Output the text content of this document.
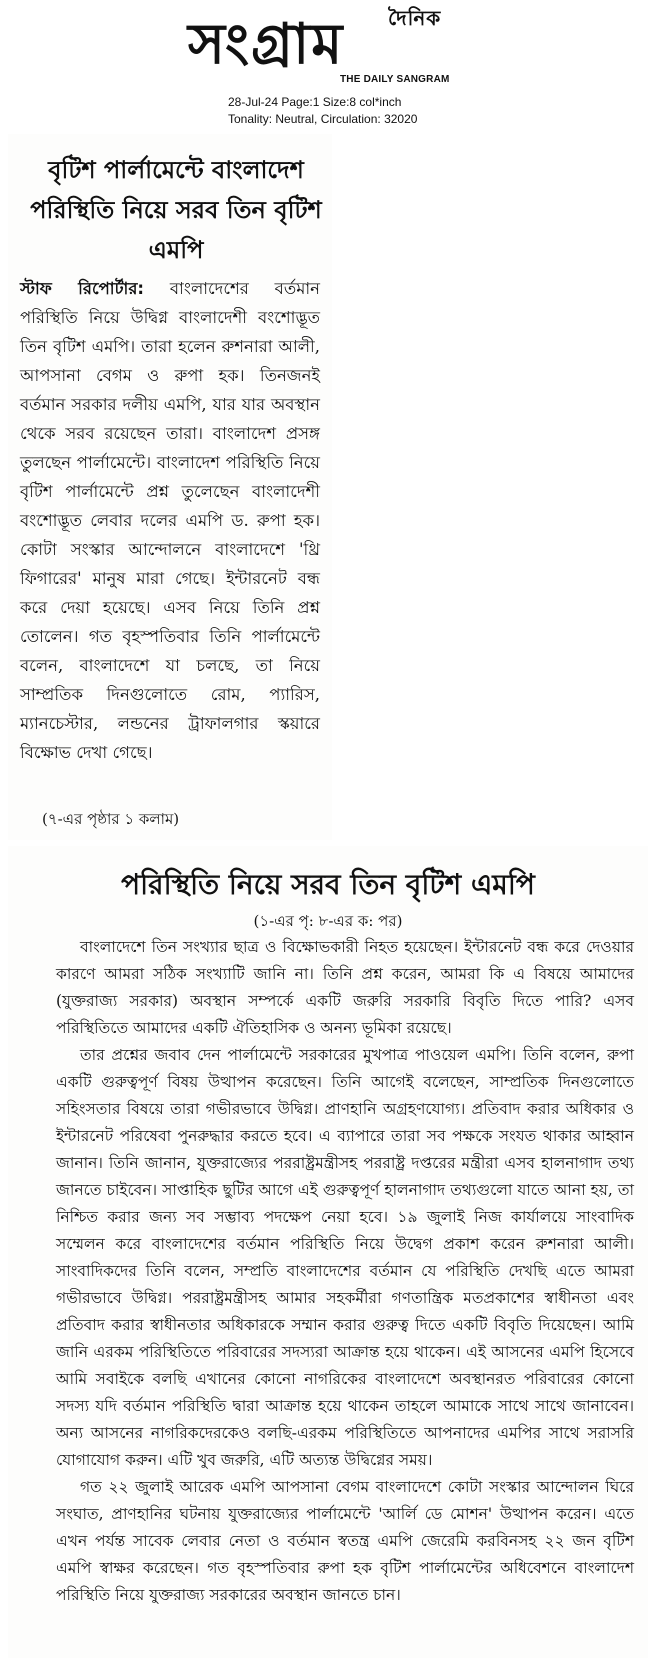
দৈনিক
সংগ্রাম
THE DAILY SANGRAM
28-Jul-24 Page:1 Size:8 col*inch
Tonality: Neutral, Circulation: 32020
বৃটিশ পার্লামেন্টে বাংলাদেশ পরিস্থিতি নিয়ে সরব তিন বৃটিশ এমপি
স্টাফ রিপোর্টার: বাংলাদেশের বর্তমান পরিস্থিতি নিয়ে উদ্বিগ্ন বাংলাদেশী বংশোদ্ভূত তিন বৃটিশ এমপি। তারা হলেন রুশনারা আলী, আপসানা বেগম ও রুপা হক। তিনজনই বর্তমান সরকার দলীয় এমপি, যার যার অবস্থান থেকে সরব রয়েছেন তারা। বাংলাদেশ প্রসঙ্গ তুলছেন পার্লামেন্টে। বাংলাদেশ পরিস্থিতি নিয়ে বৃটিশ পার্লামেন্টে প্রশ্ন তুলেছেন বাংলাদেশী বংশোদ্ভূত লেবার দলের এমপি ড. রুপা হক। কোটা সংস্কার আন্দোলনে বাংলাদেশে 'থ্রি ফিগারের' মানুষ মারা গেছে। ইন্টারনেট বন্ধ করে দেয়া হয়েছে। এসব নিয়ে তিনি প্রশ্ন তোলেন। গত বৃহস্পতিবার তিনি পার্লামেন্টে বলেন, বাংলাদেশে যা চলছে, তা নিয়ে সাম্প্রতিক দিনগুলোতে রোম, প্যারিস, ম্যানচেস্টার, লন্ডনের ট্রাফালগার স্কয়ারে বিক্ষোভ দেখা গেছে।
(৭-এর পৃষ্ঠার ১ কলাম)
পরিস্থিতি নিয়ে সরব তিন বৃটিশ এমপি
(১-এর পৃ: ৮-এর ক: পর)

বাংলাদেশে তিন সংখ্যার ছাত্র ও বিক্ষোভকারী নিহত হয়েছেন। ইন্টারনেট বন্ধ করে দেওয়ার কারণে আমরা সঠিক সংখ্যাটি জানি না। তিনি প্রশ্ন করেন, আমরা কি এ বিষয়ে আমাদের (যুক্তরাজ্য সরকার) অবস্থান সম্পর্কে একটি জরুরি সরকারি বিবৃতি দিতে পারি? এসব পরিস্থিতিতে আমাদের একটি ঐতিহাসিক ও অনন্য ভূমিকা রয়েছে।

তার প্রশ্নের জবাব দেন পার্লামেন্টে সরকারের মুখপাত্র পাওয়েল এমপি। তিনি বলেন, রুপা একটি গুরুত্বপূর্ণ বিষয় উত্থাপন করেছেন। তিনি আগেই বলেছেন, সাম্প্রতিক দিনগুলোতে সহিংসতার বিষয়ে তারা গভীরভাবে উদ্বিগ্ন। প্রাণহানি অগ্রহণযোগ্য। প্রতিবাদ করার অধিকার ও ইন্টারনেট পরিষেবা পুনরুদ্ধার করতে হবে। এ ব্যাপারে তারা সব পক্ষকে সংযত থাকার আহ্বান জানান। তিনি জানান, যুক্তরাজ্যের পররাষ্ট্রমন্ত্রীসহ পররাষ্ট্র দপ্তরের মন্ত্রীরা এসব হালনাগাদ তথ্য জানতে চাইবেন। সাপ্তাহিক ছুটির আগে এই গুরুত্বপূর্ণ হালনাগাদ তথ্যগুলো যাতে আনা হয়, তা নিশ্চিত করার জন্য সব সম্ভাব্য পদক্ষেপ নেয়া হবে। ১৯ জুলাই নিজ কার্যালয়ে সাংবাদিক সম্মেলন করে বাংলাদেশের বর্তমান পরিস্থিতি নিয়ে উদ্বেগ প্রকাশ করেন রুশনারা আলী। সাংবাদিকদের তিনি বলেন, সম্প্রতি বাংলাদেশের বর্তমান যে পরিস্থিতি দেখছি এতে আমরা গভীরভাবে উদ্বিগ্ন। পররাষ্ট্রমন্ত্রীসহ আমার সহকর্মীরা গণতান্ত্রিক মতপ্রকাশের স্বাধীনতা এবং প্রতিবাদ করার স্বাধীনতার অধিকারকে সম্মান করার গুরুত্ব দিতে একটি বিবৃতি দিয়েছেন। আমি জানি এরকম পরিস্থিতিতে পরিবারের সদস্যরা আক্রান্ত হয়ে থাকেন। এই আসনের এমপি হিসেবে আমি সবাইকে বলছি এখানের কোনো নাগরিকের বাংলাদেশে অবস্থানরত পরিবারের কোনো সদস্য যদি বর্তমান পরিস্থিতি দ্বারা আক্রান্ত হয়ে থাকেন তাহলে আমাকে সাথে সাথে জানাবেন। অন্য আসনের নাগরিকদেরকেও বলছি-এরকম পরিস্থিতিতে আপনাদের এমপির সাথে সরাসরি যোগাযোগ করুন। এটি খুব জরুরি, এটি অত্যন্ত উদ্বিগ্নের সময়।

গত ২২ জুলাই আরেক এমপি আপসানা বেগম বাংলাদেশে কোটা সংস্কার আন্দোলন ঘিরে সংঘাত, প্রাণহানির ঘটনায় যুক্তরাজ্যের পার্লামেন্টে 'আর্লি ডে মোশন' উত্থাপন করেন। এতে এখন পর্যন্ত সাবেক লেবার নেতা ও বর্তমান স্বতন্ত্র এমপি জেরেমি করবিনসহ ২২ জন বৃটিশ এমপি স্বাক্ষর করেছেন। গত বৃহস্পতিবার রুপা হক বৃটিশ পার্লামেন্টের অধিবেশনে বাংলাদেশ পরিস্থিতি নিয়ে যুক্তরাজ্য সরকারের অবস্থান জানতে চান।
